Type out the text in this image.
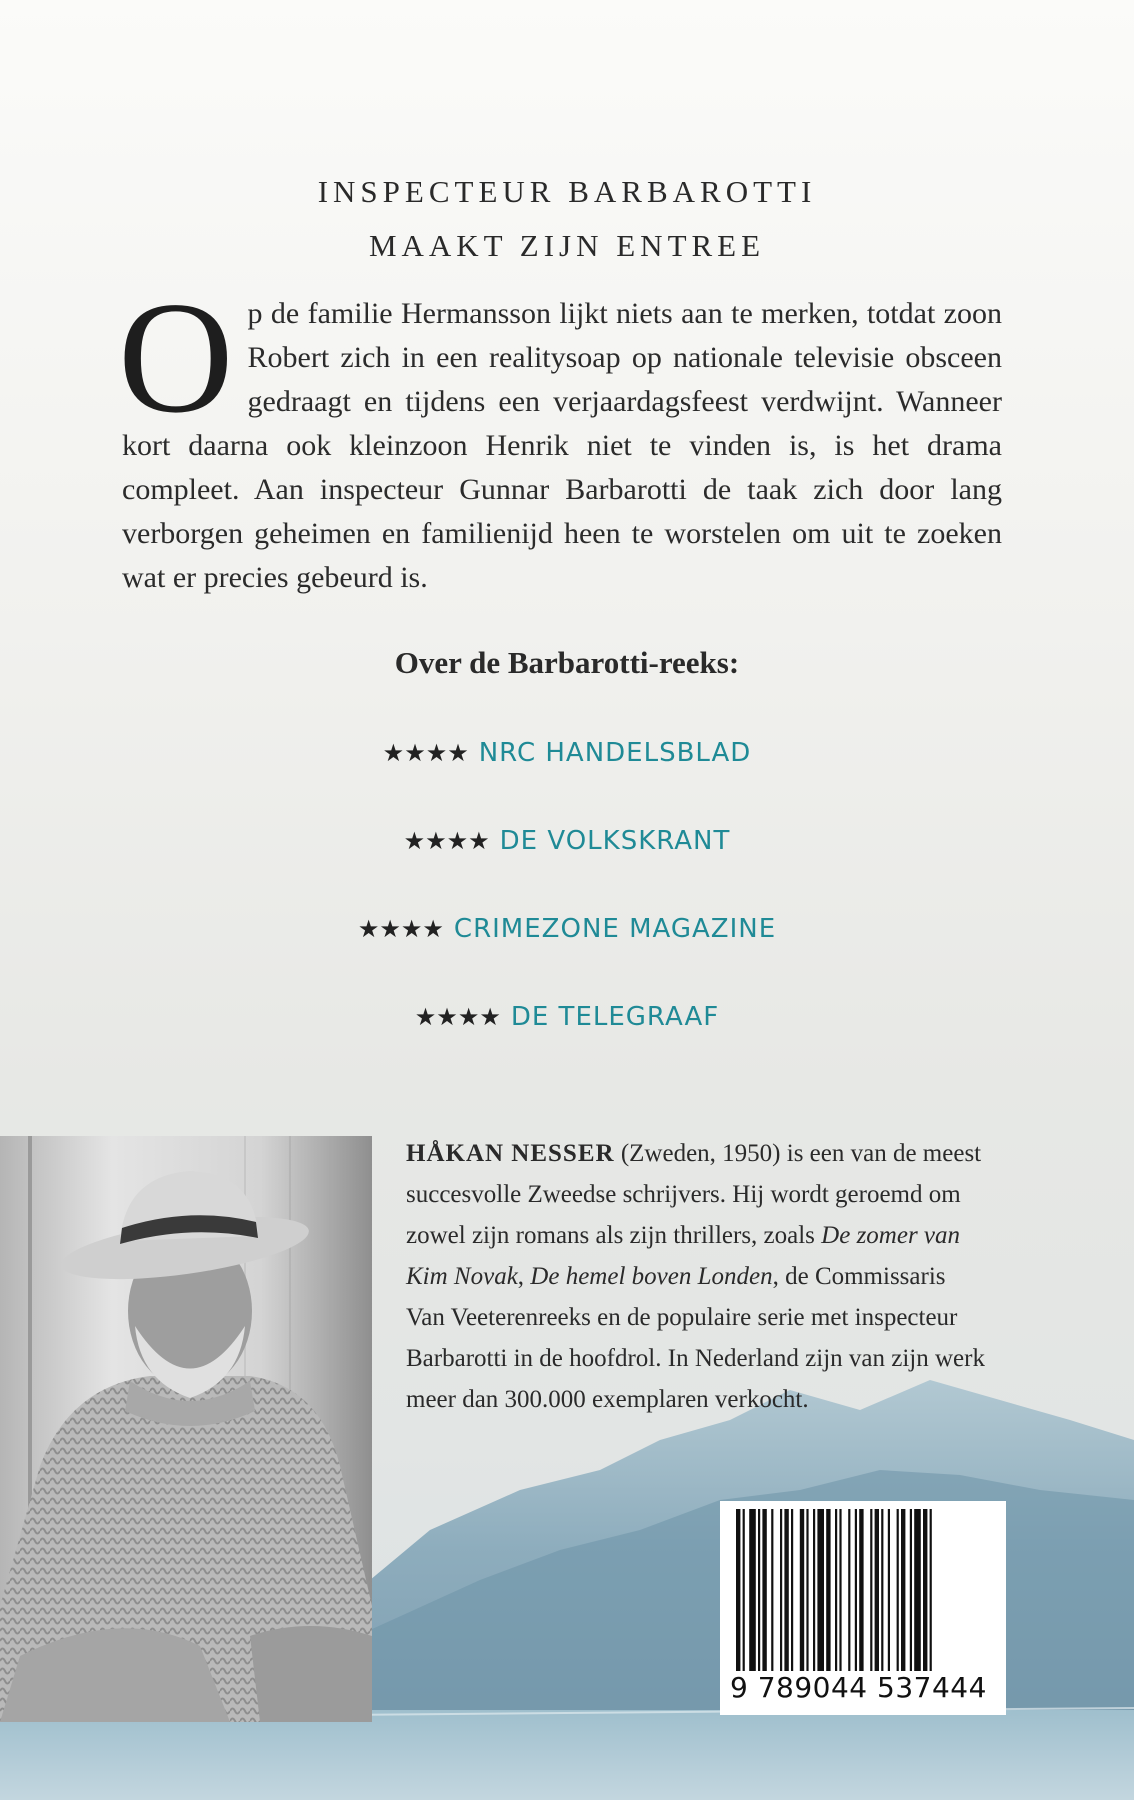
INSPECTEUR BARBAROTTI
MAAKT ZIJN ENTREE
O p de familie Hermansson lijkt niets aan te merken, totdat zoon Robert zich in een realitysoap op nationale televisie obsceen gedraagt en tijdens een verjaardagsfeest verdwijnt. Wanneer kort daarna ook kleinzoon Henrik niet te vinden is, is het drama compleet. Aan inspecteur Gunnar Barbarotti de taak zich door lang verborgen geheimen en familienijd heen te worstelen om uit te zoeken wat er precies gebeurd is.
Over de Barbarotti-reeks:
★★★★ NRC HANDELSBLAD
★★★★ DE VOLKSKRANT
★★★★ CRIMEZONE MAGAZINE
★★★★ DE TELEGRAAF
HÅKAN NESSER (Zweden, 1950) is een van de meest succesvolle Zweedse schrijvers. Hij wordt geroemd om zowel zijn romans als zijn thrillers, zoals De zomer van Kim Novak, De hemel boven Londen, de Commissaris Van Veeterenreeks en de populaire serie met inspecteur Barbarotti in de hoofdrol. In Nederland zijn van zijn werk meer dan 300.000 exemplaren verkocht.
9 789044 537444
